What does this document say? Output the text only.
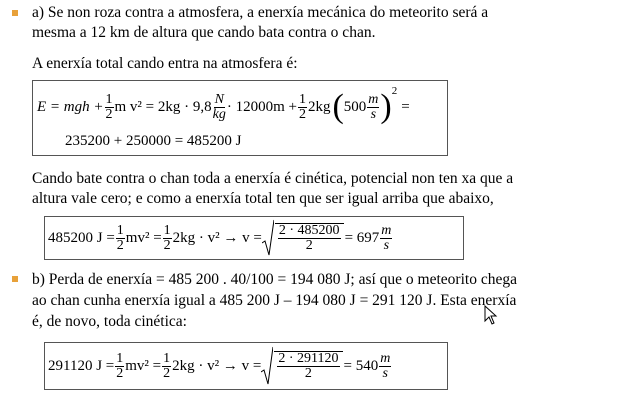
a) Se non roza contra a atmosfera, a enerxía mecánica do meteorito será a
mesma a 12 km de altura que cando bata contra o chan.
A enerxía total cando entra na atmosfera é:
E
= mgh + $\frac{1}{2}$ m $v^2 = 2kg \cdot 9,8 \frac{N}{kg} \cdot 12000m + \frac{1}{2} 2kg$ ( $500 \frac{m}{s} )^2$
=
235200 + 250000 = 485200 J
Cando bate contra o chan toda a enerxía é cinética, potencial non ten xa que a
altura vale cero; e como a enerxía total ten que ser igual arriba que abaixo,
485200 $J = \frac{1}{2} mv^2 = \frac{1}{2} 2kg \cdot v^2$
→ $v = \frac{2 \cdot 485200}{2} = 697 \frac{m}{s}$
b) Perda de enerxía = 485 200 . 40/100 = 194 080 J; así que o meteorito chega
ao chan cunha enerxía igual a 485 200 J – 194 080 J = 291 120 J. Esta enerxía
é, de novo, toda cinética:
291120 $J = \frac{1}{2} mv^2 = \frac{1}{2} 2kg \cdot v^2$
→ $v = \frac{2 \cdot 291120}{2} = 540 \frac{m}{s}$
